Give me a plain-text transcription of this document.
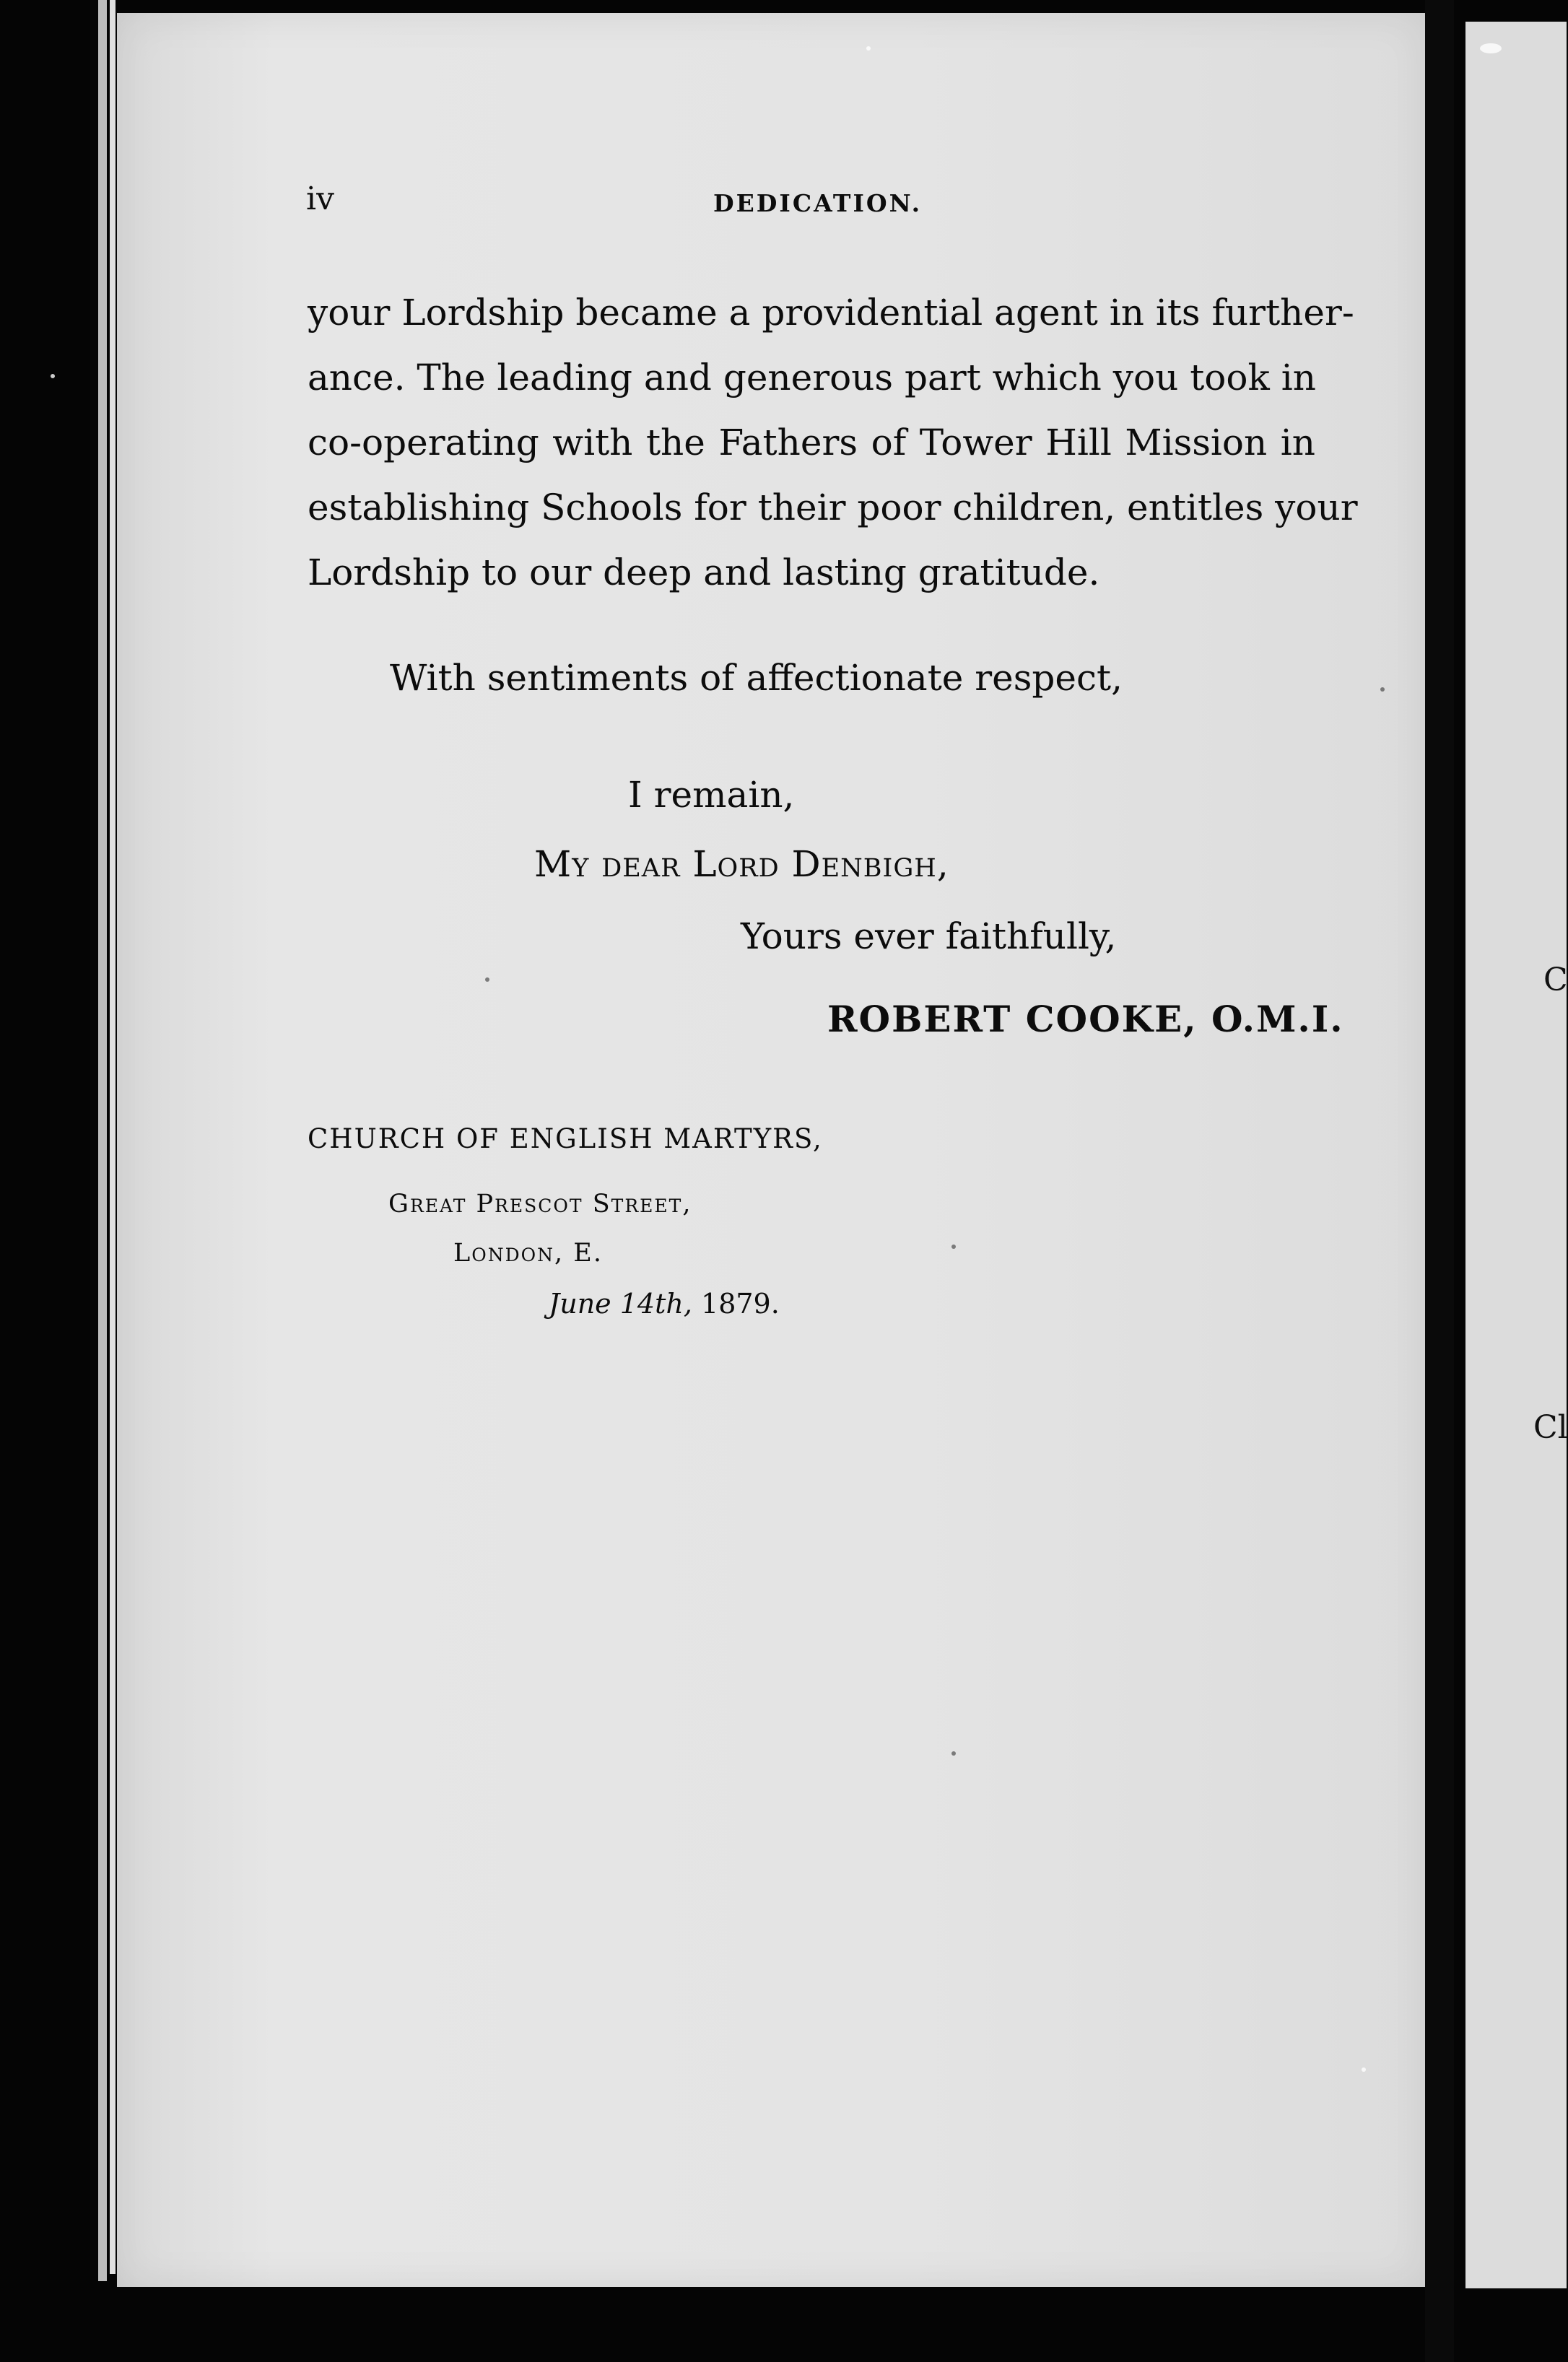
C
Cl
iv	DEDICATION.
your Lordship became a providential agent in its further-
ance. The leading and generous part which you took in
co-operating with the Fathers of Tower Hill Mission in
establishing Schools for their poor children, entitles your
Lordship to our deep and lasting gratitude.
With sentiments of affectionate respect,
I remain,
My dear Lord Denbigh,
Yours ever faithfully,
ROBERT COOKE, O.M.I.
CHURCH OF ENGLISH MARTYRS,
Great Prescot Street,
London, E.
June 14th, 1879.
